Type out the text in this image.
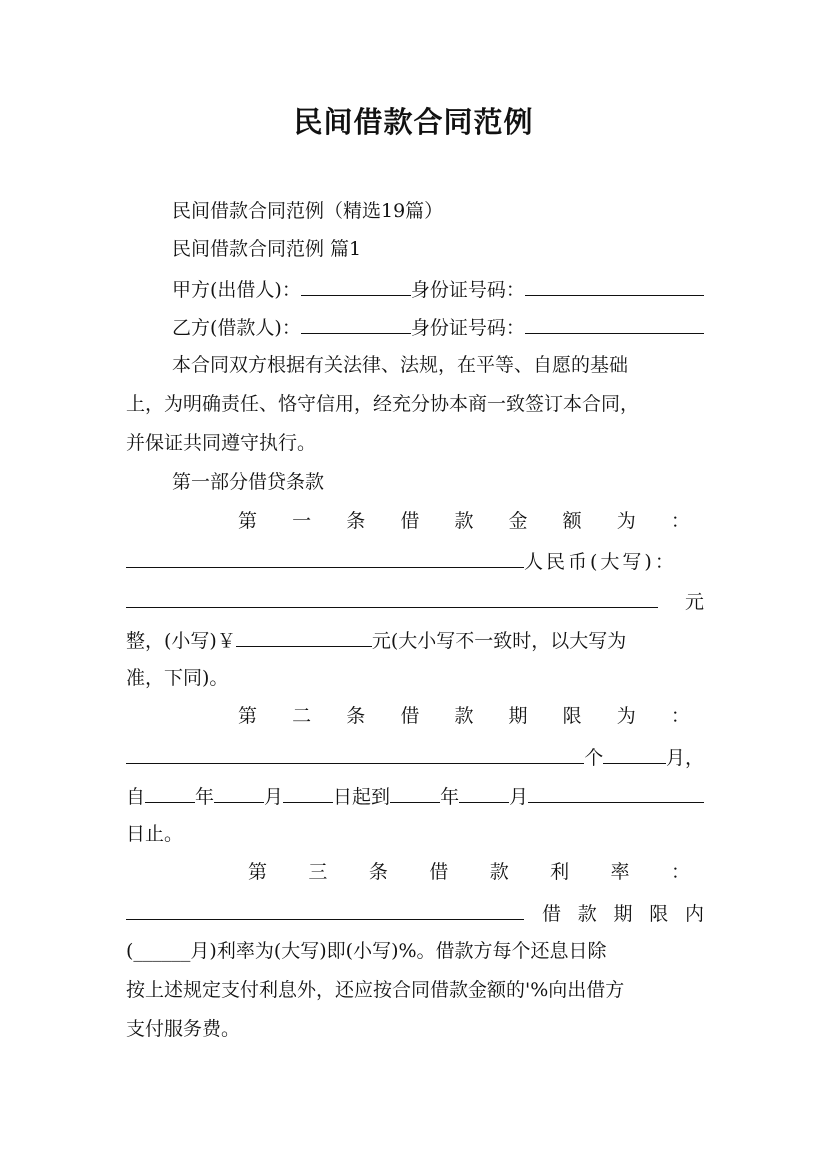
民间借款合同范例
民间借款合同范例（精选19篇）
民间借款合同范例 篇1
甲方(出借人)：	身份证号码：
乙方(借款人)：	身份证号码：
本合同双方根据有关法律、法规，在平等、自愿的基础
上，为明确责任、恪守信用，经充分协本商一致签订本合同，
并保证共同遵守执行。
第一部分借贷条款
第 一 条 借 款 金 额 为 ：
人民币(大写)：
元
整，(小写)￥	元(大小写不一致时，以大写为
准，下同)。
第 二 条 借 款 期 限 为 ：
个	月，
自	年	月	日起到	年	月
日止。
第 三 条 借 款 利 率 ：
借 款 期 限 内
(______月)利率为(大写)即(小写)%。借款方每个还息日除
按上述规定支付利息外，还应按合同借款金额的'%向出借方
支付服务费。
